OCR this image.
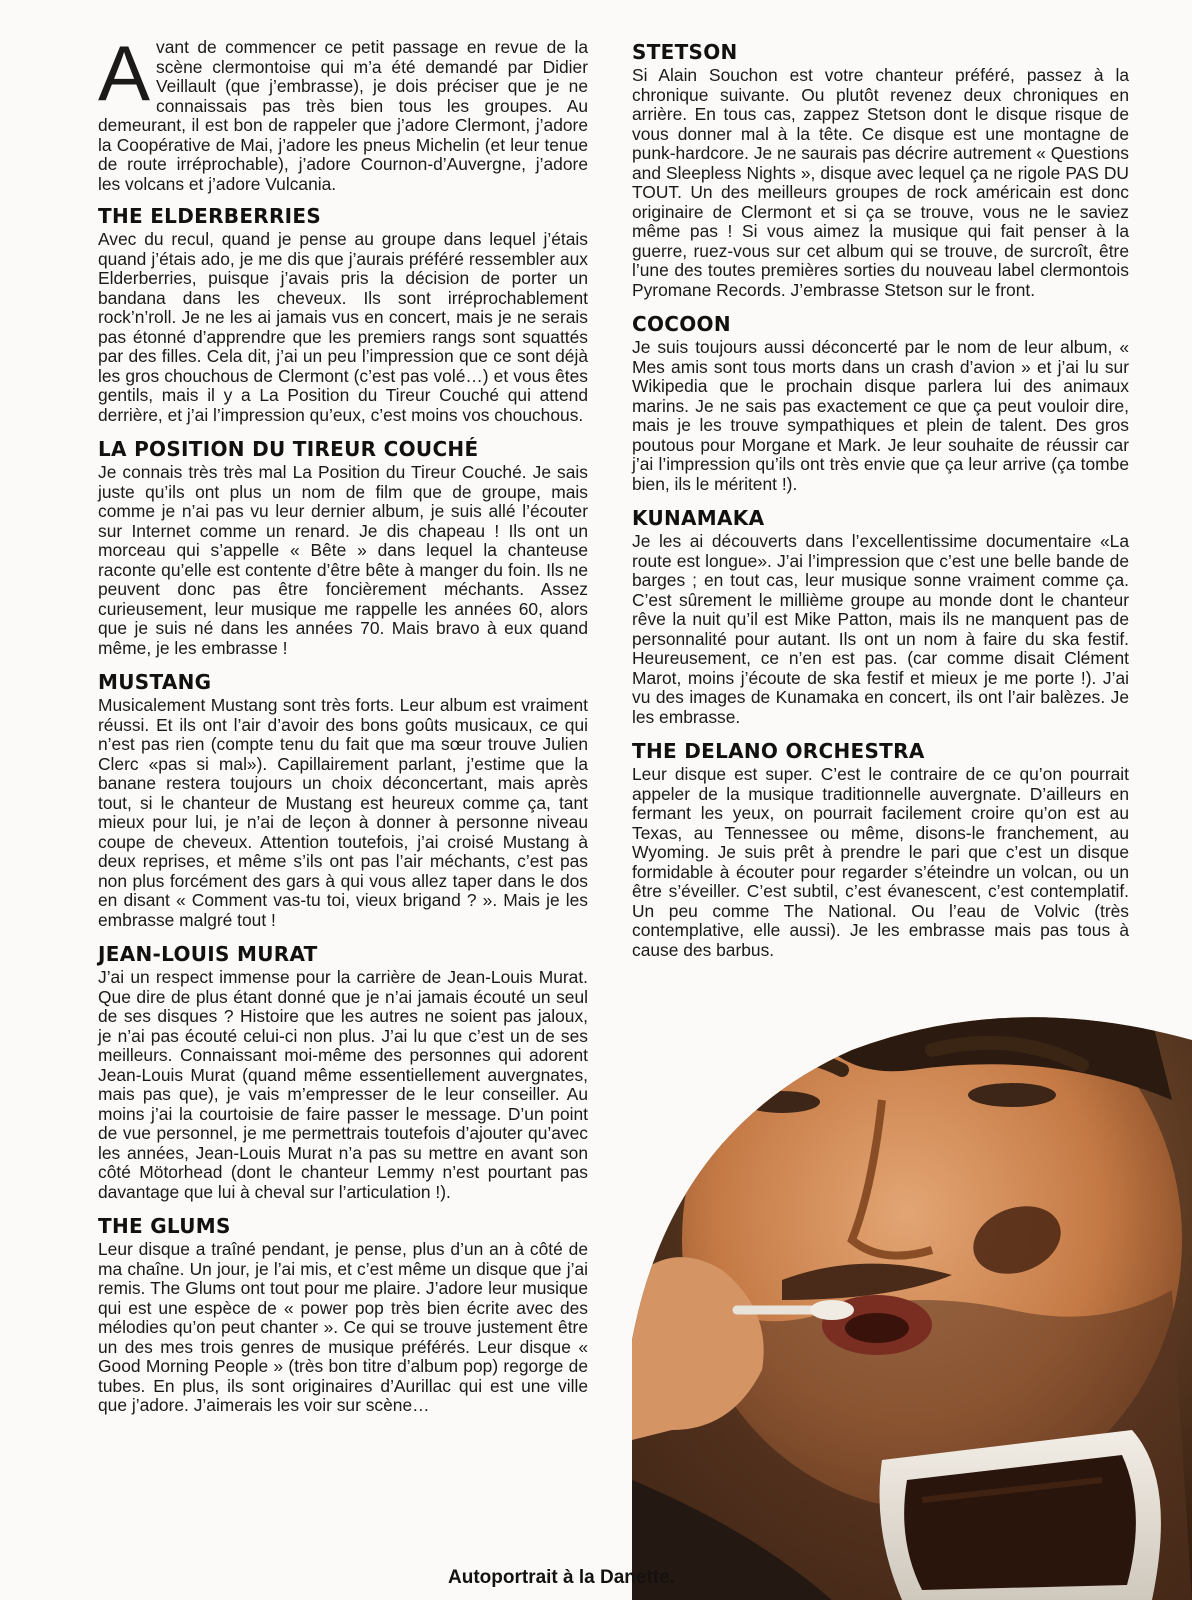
Avant de commencer ce petit passage en revue de la scène clermontoise qui m’a été demandé par Didier Veillault (que j’embrasse), je dois préciser que je ne connaissais pas très bien tous les groupes. Au demeurant, il est bon de rappeler que j’adore Clermont, j’adore la Coopérative de Mai, j’adore les pneus Michelin (et leur tenue de route irréprochable), j’adore Cournon-d’Auvergne, j’adore les volcans et j’adore Vulcania.

THE ELDERBERRIES

Avec du recul, quand je pense au groupe dans lequel j’étais quand j’étais ado, je me dis que j’aurais préféré ressembler aux Elderberries, puisque j’avais pris la décision de porter un bandana dans les cheveux. Ils sont irréprochablement rock’n’roll. Je ne les ai jamais vus en concert, mais je ne serais pas étonné d’apprendre que les premiers rangs sont squattés par des filles. Cela dit, j’ai un peu l’impression que ce sont déjà les gros chouchous de Clermont (c’est pas volé…) et vous êtes gentils, mais il y a La Position du Tireur Couché qui attend derrière, et j’ai l’impression qu’eux, c’est moins vos chouchous.

LA POSITION DU TIREUR COUCHÉ

Je connais très très mal La Position du Tireur Couché. Je sais juste qu’ils ont plus un nom de film que de groupe, mais comme je n’ai pas vu leur dernier album, je suis allé l’écouter sur Internet comme un renard. Je dis chapeau ! Ils ont un morceau qui s’appelle « Bête » dans lequel la chanteuse raconte qu’elle est contente d’être bête à manger du foin. Ils ne peuvent donc pas être foncièrement méchants. Assez curieusement, leur musique me rappelle les années 60, alors que je suis né dans les années 70. Mais bravo à eux quand même, je les embrasse !

MUSTANG

Musicalement Mustang sont très forts. Leur album est vraiment réussi. Et ils ont l’air d’avoir des bons goûts musicaux, ce qui n’est pas rien (compte tenu du fait que ma sœur trouve Julien Clerc «pas si mal»). Capillairement parlant, j’estime que la banane restera toujours un choix déconcertant, mais après tout, si le chanteur de Mustang est heureux comme ça, tant mieux pour lui, je n’ai de leçon à donner à personne niveau coupe de cheveux. Attention toutefois, j’ai croisé Mustang à deux reprises, et même s’ils ont pas l’air méchants, c’est pas non plus forcément des gars à qui vous allez taper dans le dos en disant « Comment vas-tu toi, vieux brigand ? ». Mais je les embrasse malgré tout !

JEAN-LOUIS MURAT

J’ai un respect immense pour la carrière de Jean-Louis Murat. Que dire de plus étant donné que je n’ai jamais écouté un seul de ses disques ? Histoire que les autres ne soient pas jaloux, je n’ai pas écouté celui-ci non plus. J’ai lu que c’est un de ses meilleurs. Connaissant moi-même des personnes qui adorent Jean-Louis Murat (quand même essentiellement auvergnates, mais pas que), je vais m’empresser de le leur conseiller. Au moins j’ai la courtoisie de faire passer le message. D’un point de vue personnel, je me permettrais toutefois d’ajouter qu’avec les années, Jean-Louis Murat n’a pas su mettre en avant son côté Mötorhead (dont le chanteur Lemmy n’est pourtant pas davantage que lui à cheval sur l’articulation !).

THE GLUMS

Leur disque a traîné pendant, je pense, plus d’un an à côté de ma chaîne. Un jour, je l’ai mis, et c’est même un disque que j’ai remis. The Glums ont tout pour me plaire. J’adore leur musique qui est une espèce de « power pop très bien écrite avec des mélodies qu’on peut chanter ». Ce qui se trouve justement être un des mes trois genres de musique préférés. Leur disque « Good Morning People » (très bon titre d’album pop) regorge de tubes. En plus, ils sont originaires d’Aurillac qui est une ville que j’adore. J’aimerais les voir sur scène…

STETSON

Si Alain Souchon est votre chanteur préféré, passez à la chronique suivante. Ou plutôt revenez deux chroniques en arrière. En tous cas, zappez Stetson dont le disque risque de vous donner mal à la tête. Ce disque est une montagne de punk-hardcore. Je ne saurais pas décrire autrement « Questions and Sleepless Nights », disque avec lequel ça ne rigole PAS DU TOUT. Un des meilleurs groupes de rock américain est donc originaire de Clermont et si ça se trouve, vous ne le saviez même pas ! Si vous aimez la musique qui fait penser à la guerre, ruez-vous sur cet album qui se trouve, de surcroît, être l’une des toutes premières sorties du nouveau label clermontois Pyromane Records. J’embrasse Stetson sur le front.

COCOON

Je suis toujours aussi déconcerté par le nom de leur album, « Mes amis sont tous morts dans un crash d’avion » et j’ai lu sur Wikipedia que le prochain disque parlera lui des animaux marins. Je ne sais pas exactement ce que ça peut vouloir dire, mais je les trouve sympathiques et plein de talent. Des gros poutous pour Morgane et Mark. Je leur souhaite de réussir car j’ai l’impression qu’ils ont très envie que ça leur arrive (ça tombe bien, ils le méritent !).

KUNAMAKA

Je les ai découverts dans l’excellentissime documentaire «La route est longue». J’ai l’impression que c’est une belle bande de barges ; en tout cas, leur musique sonne vraiment comme ça. C’est sûrement le millième groupe au monde dont le chanteur rêve la nuit qu’il est Mike Patton, mais ils ne manquent pas de personnalité pour autant. Ils ont un nom à faire du ska festif. Heureusement, ce n’en est pas. (car comme disait Clément Marot, moins j’écoute de ska festif et mieux je me porte !). J’ai vu des images de Kunamaka en concert, ils ont l’air balèzes. Je les embrasse.

THE DELANO ORCHESTRA

Leur disque est super. C’est le contraire de ce qu’on pourrait appeler de la musique traditionnelle auvergnate. D’ailleurs en fermant les yeux, on pourrait facilement croire qu’on est au Texas, au Tennessee ou même, disons-le franchement, au Wyoming. Je suis prêt à prendre le pari que c’est un disque formidable à écouter pour regarder s’éteindre un volcan, ou un être s’éveiller. C’est subtil, c’est évanescent, c’est contemplatif. Un peu comme The National. Ou l’eau de Volvic (très contemplative, elle aussi). Je les embrasse mais pas tous à cause des barbus.

Autoportrait à la Danette.
